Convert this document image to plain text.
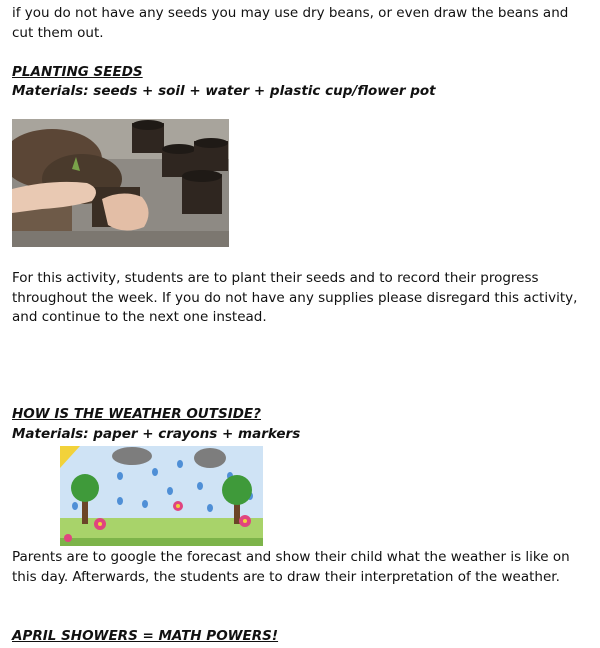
if you do not have any seeds you may use dry beans, or even draw the beans and cut them out.
PLANTING SEEDS
Materials: seeds + soil + water + plastic cup/flower pot
For this activity, students are to plant their seeds and to record their progress throughout the week. If you do not have any supplies please disregard this activity, and continue to the next one instead.
HOW IS THE WEATHER OUTSIDE?
Materials: paper + crayons + markers
Parents are to google the forecast and show their child what the weather is like on this day. Afterwards, the students are to draw their interpretation of the weather.
APRIL SHOWERS = MATH POWERS!
